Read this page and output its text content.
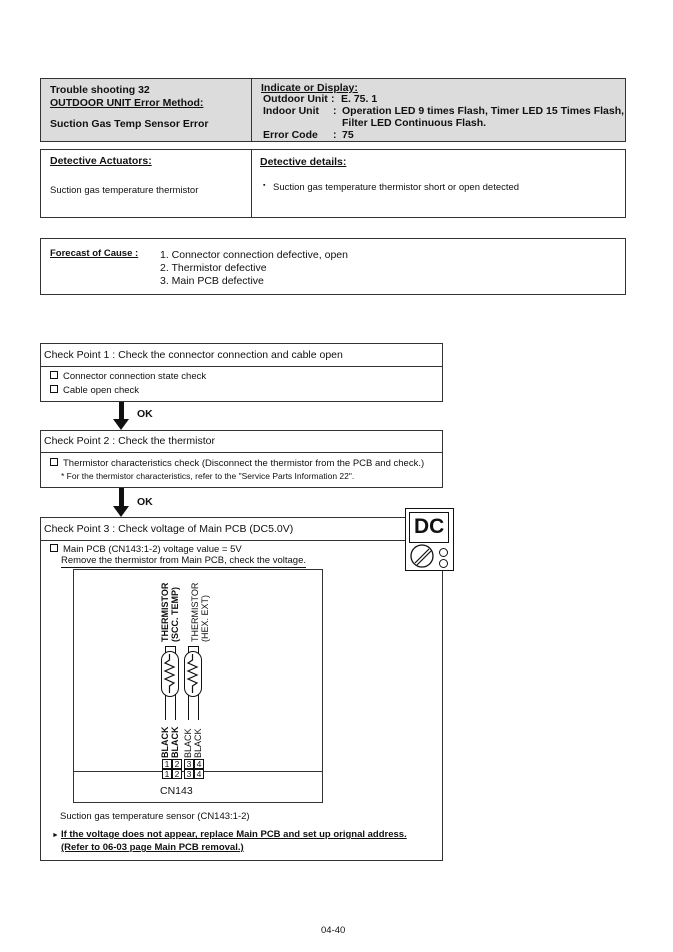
Trouble shooting 32
OUTDOOR UNIT Error Method:
Suction Gas Temp Sensor Error
Indicate or Display:
Outdoor Unit : E. 75. 1
Indoor Unit : Operation LED 9 times Flash, Timer LED 15 Times Flash,
Filter LED Continuous Flash.
Error Code : 75
Detective Actuators:
Suction gas temperature thermistor
Detective details:
▪ Suction gas temperature thermistor short or open detected
Forecast of Cause : 1. Connector connection defective, open
2. Thermistor defective
3. Main PCB defective
Check Point 1 : Check the connector connection and cable open
Connector connection state check
Cable open check
OK
Check Point 2 : Check the thermistor
Thermistor characteristics check (Disconnect the thermistor from the PCB and check.)
* For the thermistor characteristics, refer to the "Service Parts Information 22".
OK
Check Point 3 : Check voltage of Main PCB (DC5.0V)
Main PCB (CN143:1-2) voltage value = 5V
Remove the thermistor from Main PCB, check the voltage.
THERMISTOR (SCC. TEMP) THERMISTOR (HEX. EXT)
BLACK BLACK BLACK BLACK
1 2 3 4
1 2 3 4
CN143
Suction gas temperature sensor (CN143:1-2)
► If the voltage does not appear, replace Main PCB and set up orignal address.
(Refer to 06-03 page Main PCB removal.)
DC
04-40
